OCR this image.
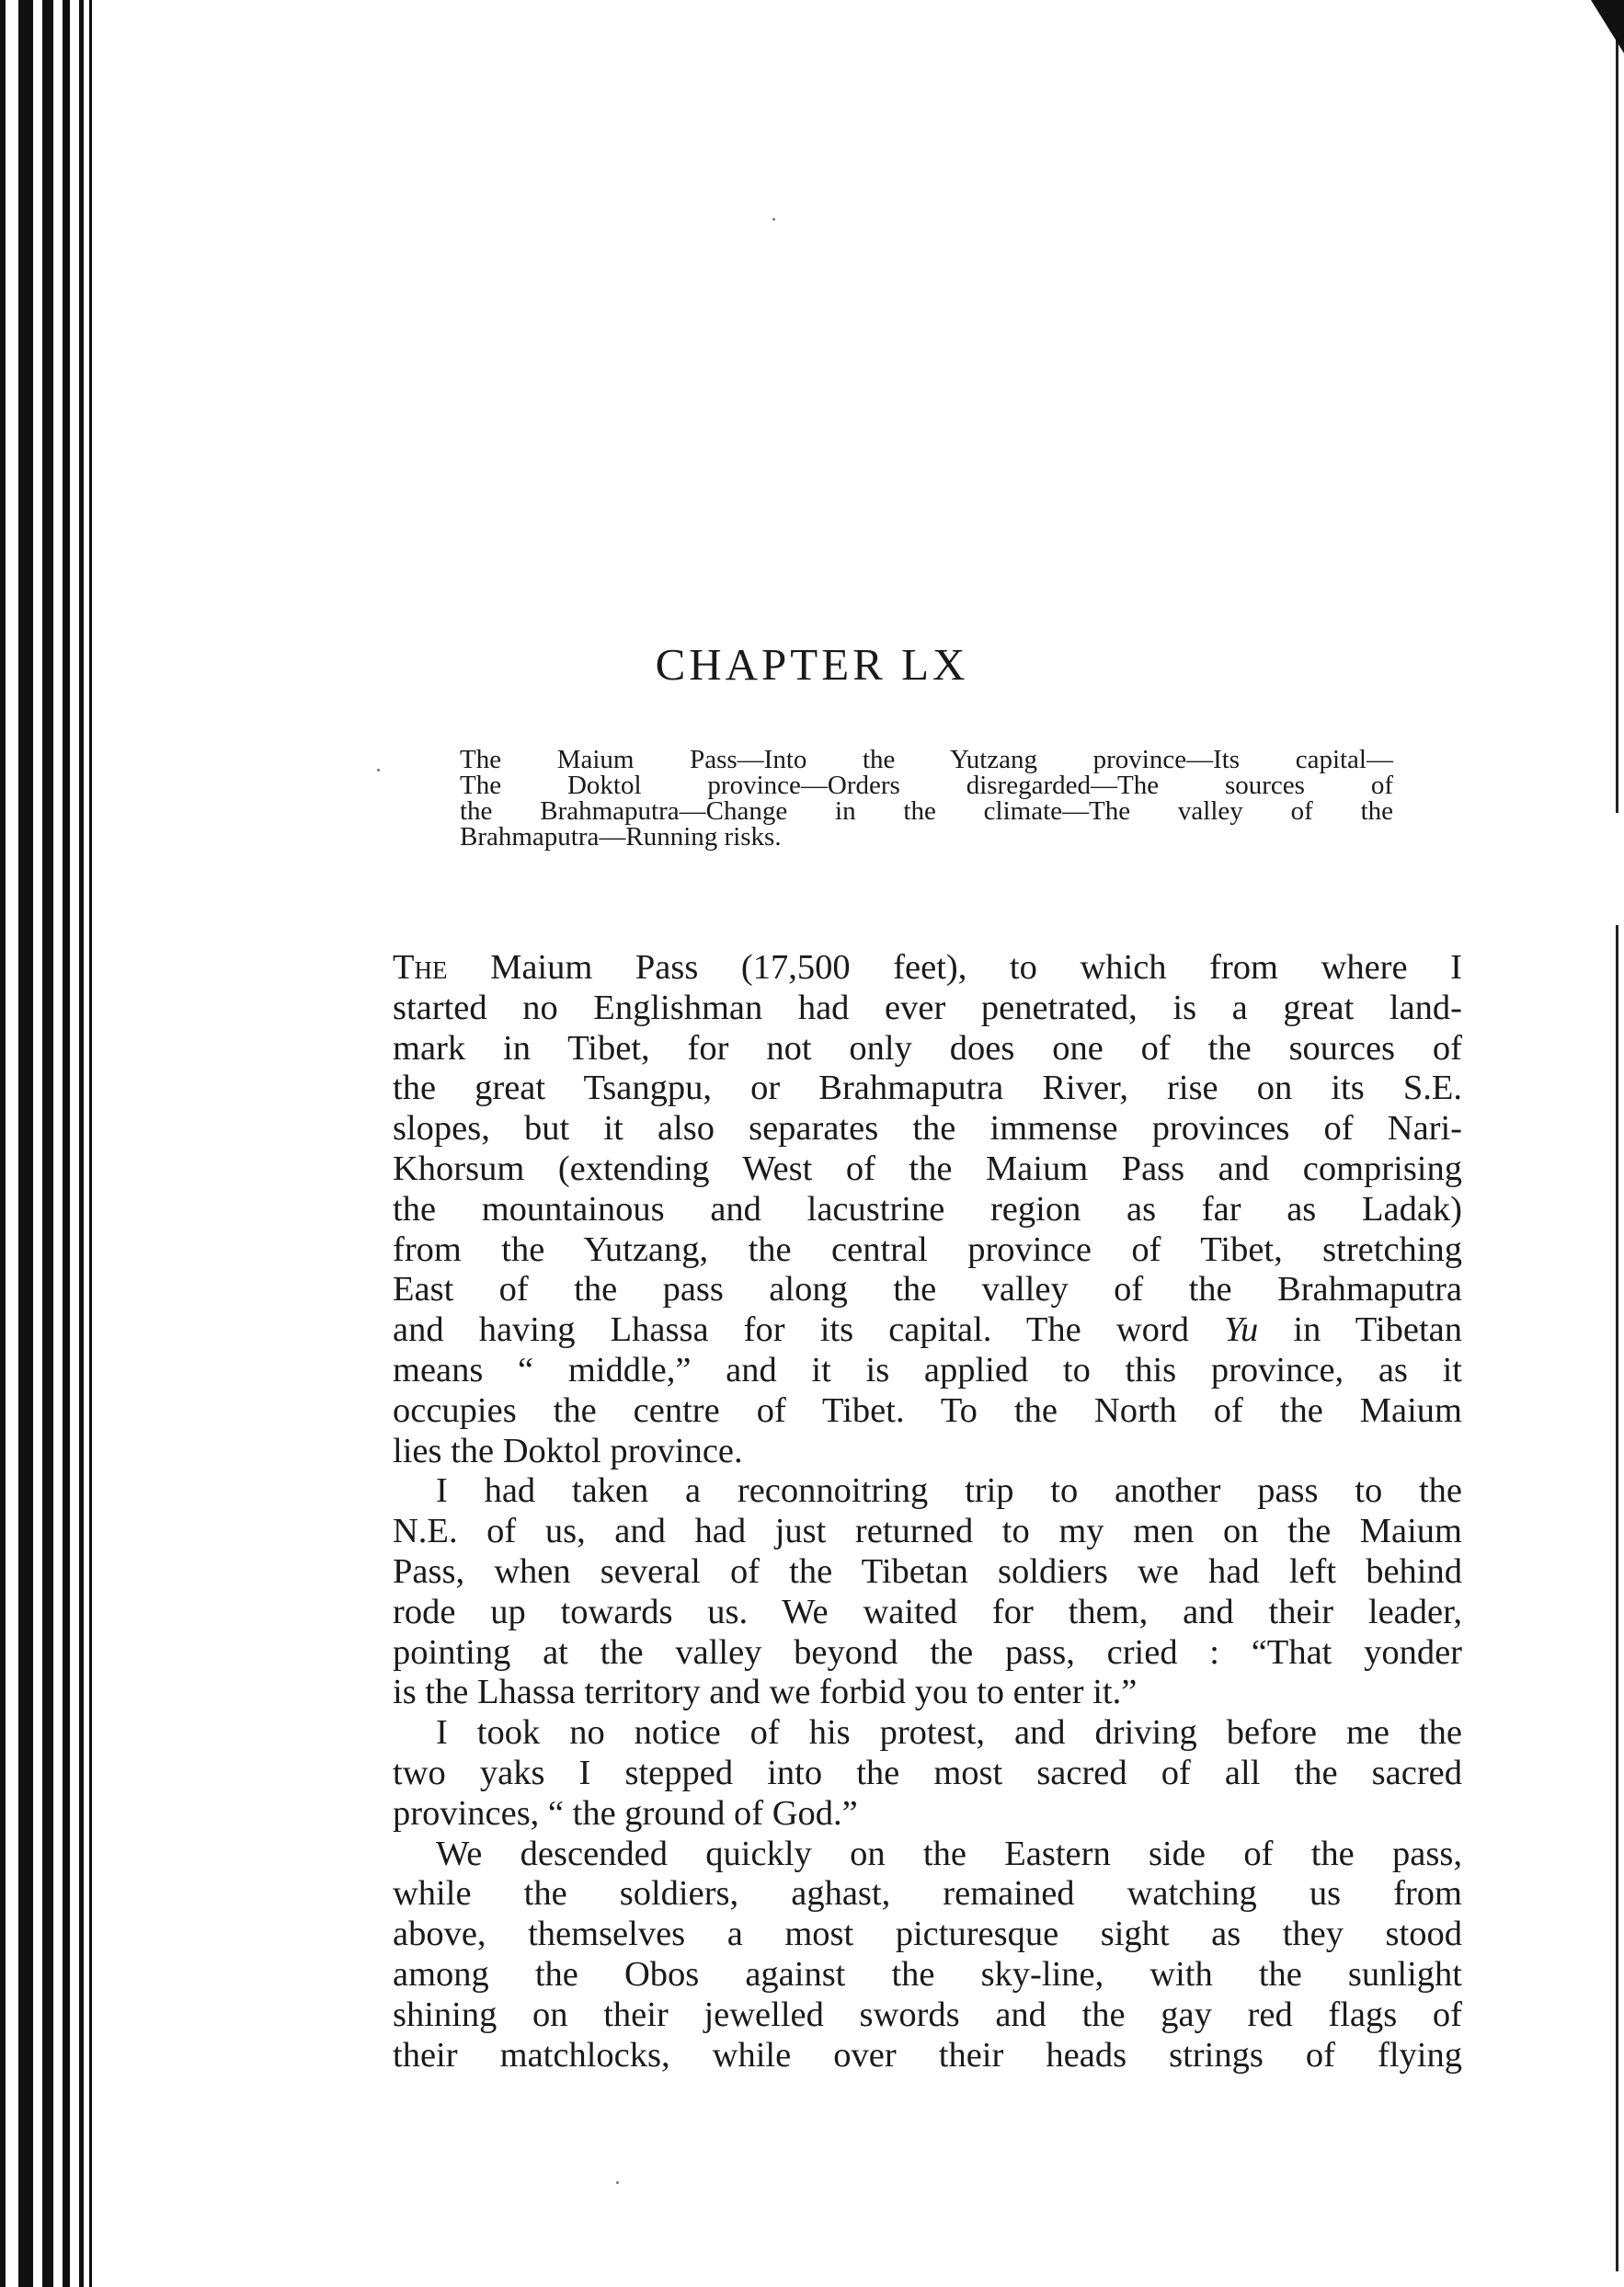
CHAPTER LX
The Maium Pass—Into the Yutzang province—Its capital—
The Doktol province—Orders disregarded—The sources of
the Brahmaputra—Change in the climate—The valley of the
Brahmaputra—Running risks.
The Maium Pass (17,500 feet), to which from where I
started no Englishman had ever penetrated, is a great land-
mark in Tibet, for not only does one of the sources of
the great Tsangpu, or Brahmaputra River, rise on its S.E.
slopes, but it also separates the immense provinces of Nari-
Khorsum (extending West of the Maium Pass and comprising
the mountainous and lacustrine region as far as Ladak)
from the Yutzang, the central province of Tibet, stretching
East of the pass along the valley of the Brahmaputra
and having Lhassa for its capital. The word Yu in Tibetan
means “ middle,” and it is applied to this province, as it
occupies the centre of Tibet. To the North of the Maium
lies the Doktol province.
I had taken a reconnoitring trip to another pass to the
N.E. of us, and had just returned to my men on the Maium
Pass, when several of the Tibetan soldiers we had left behind
rode up towards us. We waited for them, and their leader,
pointing at the valley beyond the pass, cried : “That yonder
is the Lhassa territory and we forbid you to enter it.”
I took no notice of his protest, and driving before me the
two yaks I stepped into the most sacred of all the sacred
provinces, “ the ground of God.”
We descended quickly on the Eastern side of the pass,
while the soldiers, aghast, remained watching us from
above, themselves a most picturesque sight as they stood
among the Obos against the sky-line, with the sunlight
shining on their jewelled swords and the gay red flags of
their matchlocks, while over their heads strings of flying
